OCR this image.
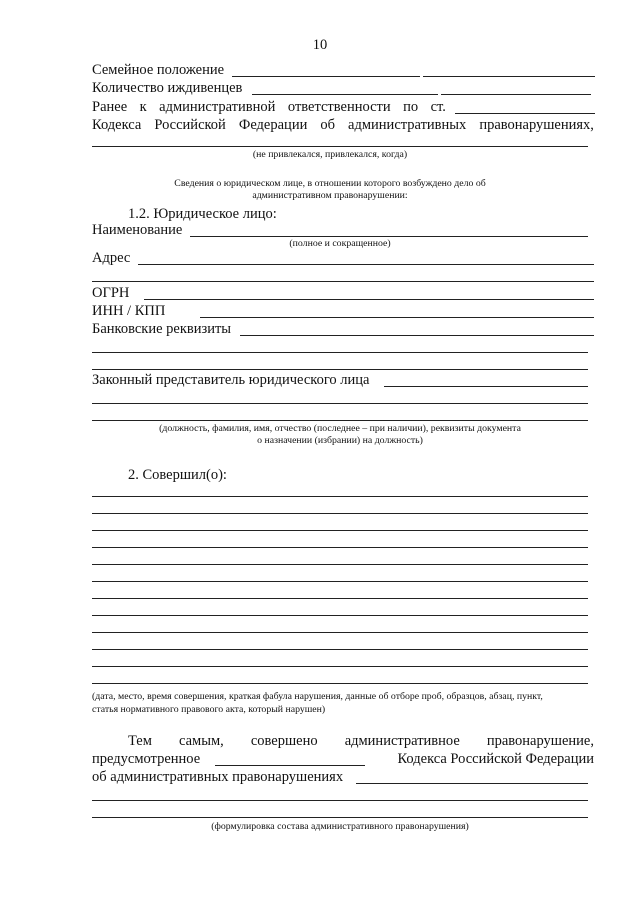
10
Семейное положение
Количество иждивенцев
Ранее к административной ответственности по ст.
Кодекса Российской Федерации об административных правонарушениях,
(не привлекался, привлекался, когда)
Сведения о юридическом лице, в отношении которого возбуждено дело об
административном правонарушении:
1.2. Юридическое лицо:
Наименование
(полное и сокращенное)
Адрес
ОГРН
ИНН / КПП
Банковские реквизиты
Законный представитель юридического лица
(должность, фамилия, имя, отчество (последнее – при наличии), реквизиты документа
о назначении (избрании) на должность)
2. Совершил(о):
(дата, место, время совершения, краткая фабула нарушения, данные об отборе проб, образцов, абзац, пункт,
статья нормативного правового акта, который нарушен)
Тем самым, совершено административное правонарушение,
предусмотренное	Кодекса Российской Федерации
об административных правонарушениях
(формулировка состава административного правонарушения)
